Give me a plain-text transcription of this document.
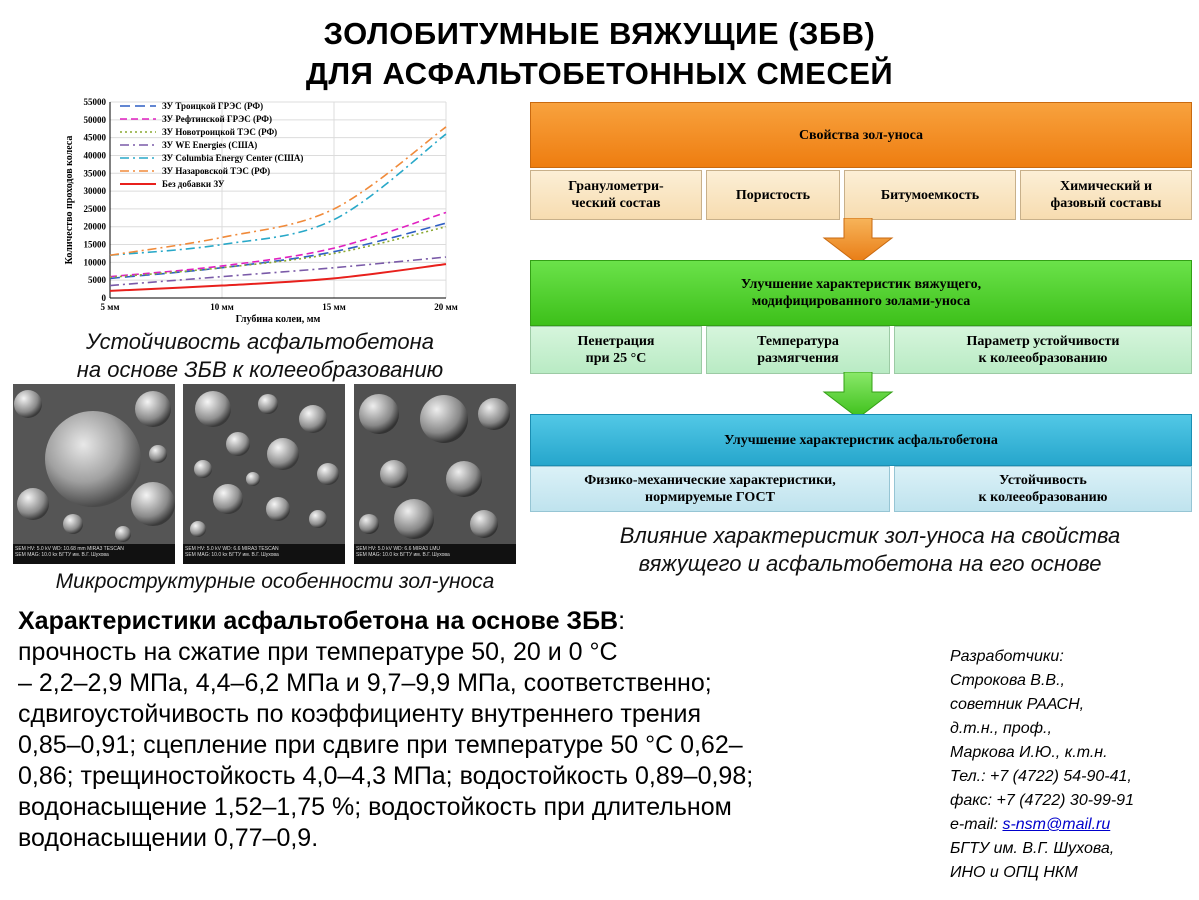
ЗОЛОБИТУМНЫЕ ВЯЖУЩИЕ (ЗБВ)
ДЛЯ АСФАЛЬТОБЕТОННЫХ СМЕСЕЙ
0
5000
10000
15000
20000
25000
30000
35000
40000
45000
50000
55000
5 мм	10 мм	15 мм	20 мм
Глубина колеи, мм
Количество проходов колеса
ЗУ Троицкой ГРЭС (РФ)
ЗУ Рефтинской ГРЭС (РФ)
ЗУ Новотроицкой ТЭС (РФ)
ЗУ WE Energies (США)
ЗУ Columbia Energy Center (США)
ЗУ Назаровской ТЭС (РФ)
Без добавки ЗУ
Устойчивость асфальтобетона
на основе ЗБВ к колееобразованию
SEM HV: 5.0 kV WD: 10.68 mm MIRA3 TESCAN
SEM MAG: 10.0 kx БГТУ им. В.Г. Шухова
SEM HV: 5.0 kV WD: 6.6 MIRA3 TESCAN
SEM MAG: 10.0 kx БГТУ им. В.Г. Шухова
SEM HV: 5.0 kV WD: 6.6 MIRA3 LMU
SEM MAG: 10.0 kx БГТУ им. В.Г. Шухова
Микроструктурные особенности зол-уноса
Свойства зол-уноса
Гранулометри-
ческий состав
Пористость	Битумоемкость
Химический и
фазовый составы
Улучшение характеристик вяжущего,
модифицированного золами-уноса
Пенетрация
при 25 °С
Температура
размягчения
Параметр устойчивости
к колееобразованию
Улучшение характеристик асфальтобетона
Физико-механические характеристики,
нормируемые ГОСТ
Устойчивость
к колееобразованию
Влияние характеристик зол-уноса на свойства
вяжущего и асфальтобетона на его основе
Характеристики асфальтобетона на основе ЗБВ:
прочность на сжатие при температуре 50, 20 и 0 °С
– 2,2–2,9 МПа, 4,4–6,2 МПа и 9,7–9,9 МПа, соответственно;
сдвигоустойчивость по коэффициенту внутреннего трения
0,85–0,91; сцепление при сдвиге при температуре 50 °С 0,62–
0,86; трещиностойкость 4,0–4,3 МПа; водостойкость 0,89–0,98;
водонасыщение 1,52–1,75 %; водостойкость при длительном
водонасыщении 0,77–0,9.
Разработчики:
Строкова В.В.,
советник РААСН,
д.т.н., проф.,
Маркова И.Ю., к.т.н.
Тел.: +7 (4722) 54-90-41,
факс: +7 (4722) 30-99-91
e-mail: s-nsm@mail.ru
БГТУ им. В.Г. Шухова,
ИНО и ОПЦ НКМ
